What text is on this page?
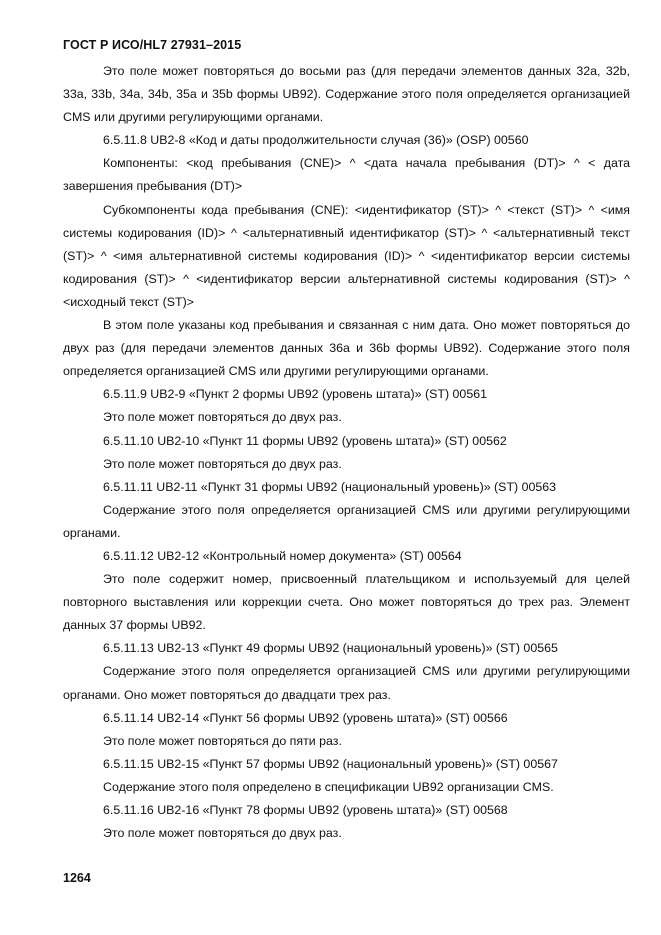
ГОСТ Р ИСО/HL7 27931–2015

Это поле может повторяться до восьми раз (для передачи элементов данных 32a, 32b, 33a, 33b, 34a, 34b, 35a и 35b формы UB92). Содержание этого поля определяется организацией CMS или другими регулирующими органами.

6.5.11.8 UB2-8 «Код и даты продолжительности случая (36)» (OSP) 00560

Компоненты: <код пребывания (CNE)> ^ <дата начала пребывания (DT)> ^ < дата завершения пребывания (DT)>

Субкомпоненты кода пребывания (CNE): <идентификатор (ST)> ^ <текст (ST)> ^ <имя системы кодирования (ID)> ^ <альтернативный идентификатор (ST)> ^ <альтернативный текст (ST)> ^ <имя альтернативной системы кодирования (ID)> ^ <идентификатор версии системы кодирования (ST)> ^ <идентификатор версии альтернативной системы кодирования (ST)> ^ <исходный текст (ST)>

В этом поле указаны код пребывания и связанная с ним дата. Оно может повторяться до двух раз (для передачи элементов данных 36a и 36b формы UB92). Содержание этого поля определяется организацией CMS или другими регулирующими органами.

6.5.11.9 UB2-9 «Пункт 2 формы UB92 (уровень штата)» (ST) 00561

Это поле может повторяться до двух раз.

6.5.11.10 UB2-10 «Пункт 11 формы UB92 (уровень штата)» (ST) 00562

Это поле может повторяться до двух раз.

6.5.11.11 UB2-11 «Пункт 31 формы UB92 (национальный уровень)» (ST) 00563

Содержание этого поля определяется организацией CMS или другими регулирующими органами.

6.5.11.12 UB2-12 «Контрольный номер документа» (ST) 00564

Это поле содержит номер, присвоенный плательщиком и используемый для целей повторного выставления или коррекции счета. Оно может повторяться до трех раз. Элемент данных 37 формы UB92.

6.5.11.13 UB2-13 «Пункт 49 формы UB92 (национальный уровень)» (ST) 00565

Содержание этого поля определяется организацией CMS или другими регулирующими органами. Оно может повторяться до двадцати трех раз.

6.5.11.14 UB2-14 «Пункт 56 формы UB92 (уровень штата)» (ST) 00566

Это поле может повторяться до пяти раз.

6.5.11.15 UB2-15 «Пункт 57 формы UB92 (национальный уровень)» (ST) 00567

Содержание этого поля определено в спецификации UB92 организации CMS.

6.5.11.16 UB2-16 «Пункт 78 формы UB92 (уровень штата)» (ST) 00568

Это поле может повторяться до двух раз.

1264
